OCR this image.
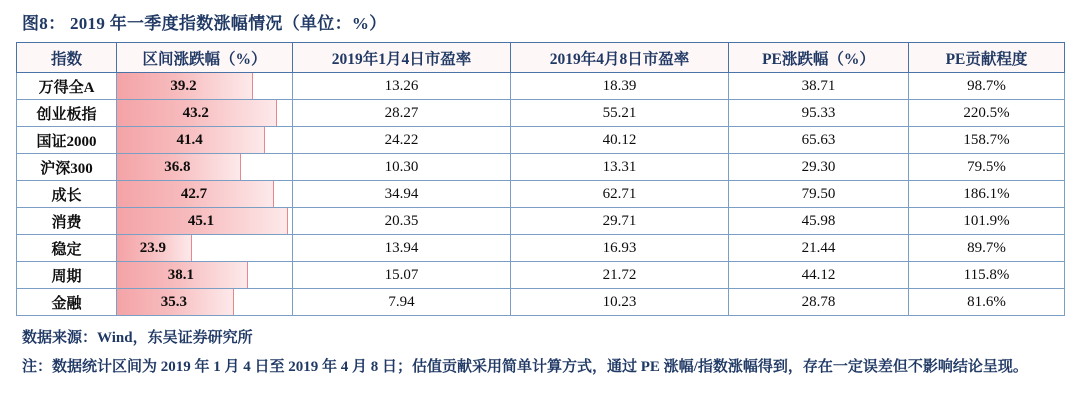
图8： 2019 年一季度指数涨幅情况（单位：%）
指数	区间涨跌幅（%）	2019年1月4日市盈率	2019年4月8日市盈率	PE涨跌幅（%）	PE贡献程度
万得全A	39.2	13.26	18.39	38.71	98.7%
创业板指	43.2	28.27	55.21	95.33	220.5%
国证2000	41.4	24.22	40.12	65.63	158.7%
沪深300	36.8	10.30	13.31	29.30	79.5%
成长	42.7	34.94	62.71	79.50	186.1%
消费	45.1	20.35	29.71	45.98	101.9%
稳定	23.9	13.94	16.93	21.44	89.7%
周期	38.1	15.07	21.72	44.12	115.8%
金融	35.3	7.94	10.23	28.78	81.6%
数据来源：Wind，东吴证券研究所
注：数据统计区间为 2019 年 1 月 4 日至 2019 年 4 月 8 日；估值贡献采用简单计算方式，通过 PE 涨幅/指数涨幅得到，存在一定误差但不影响结论呈现。
